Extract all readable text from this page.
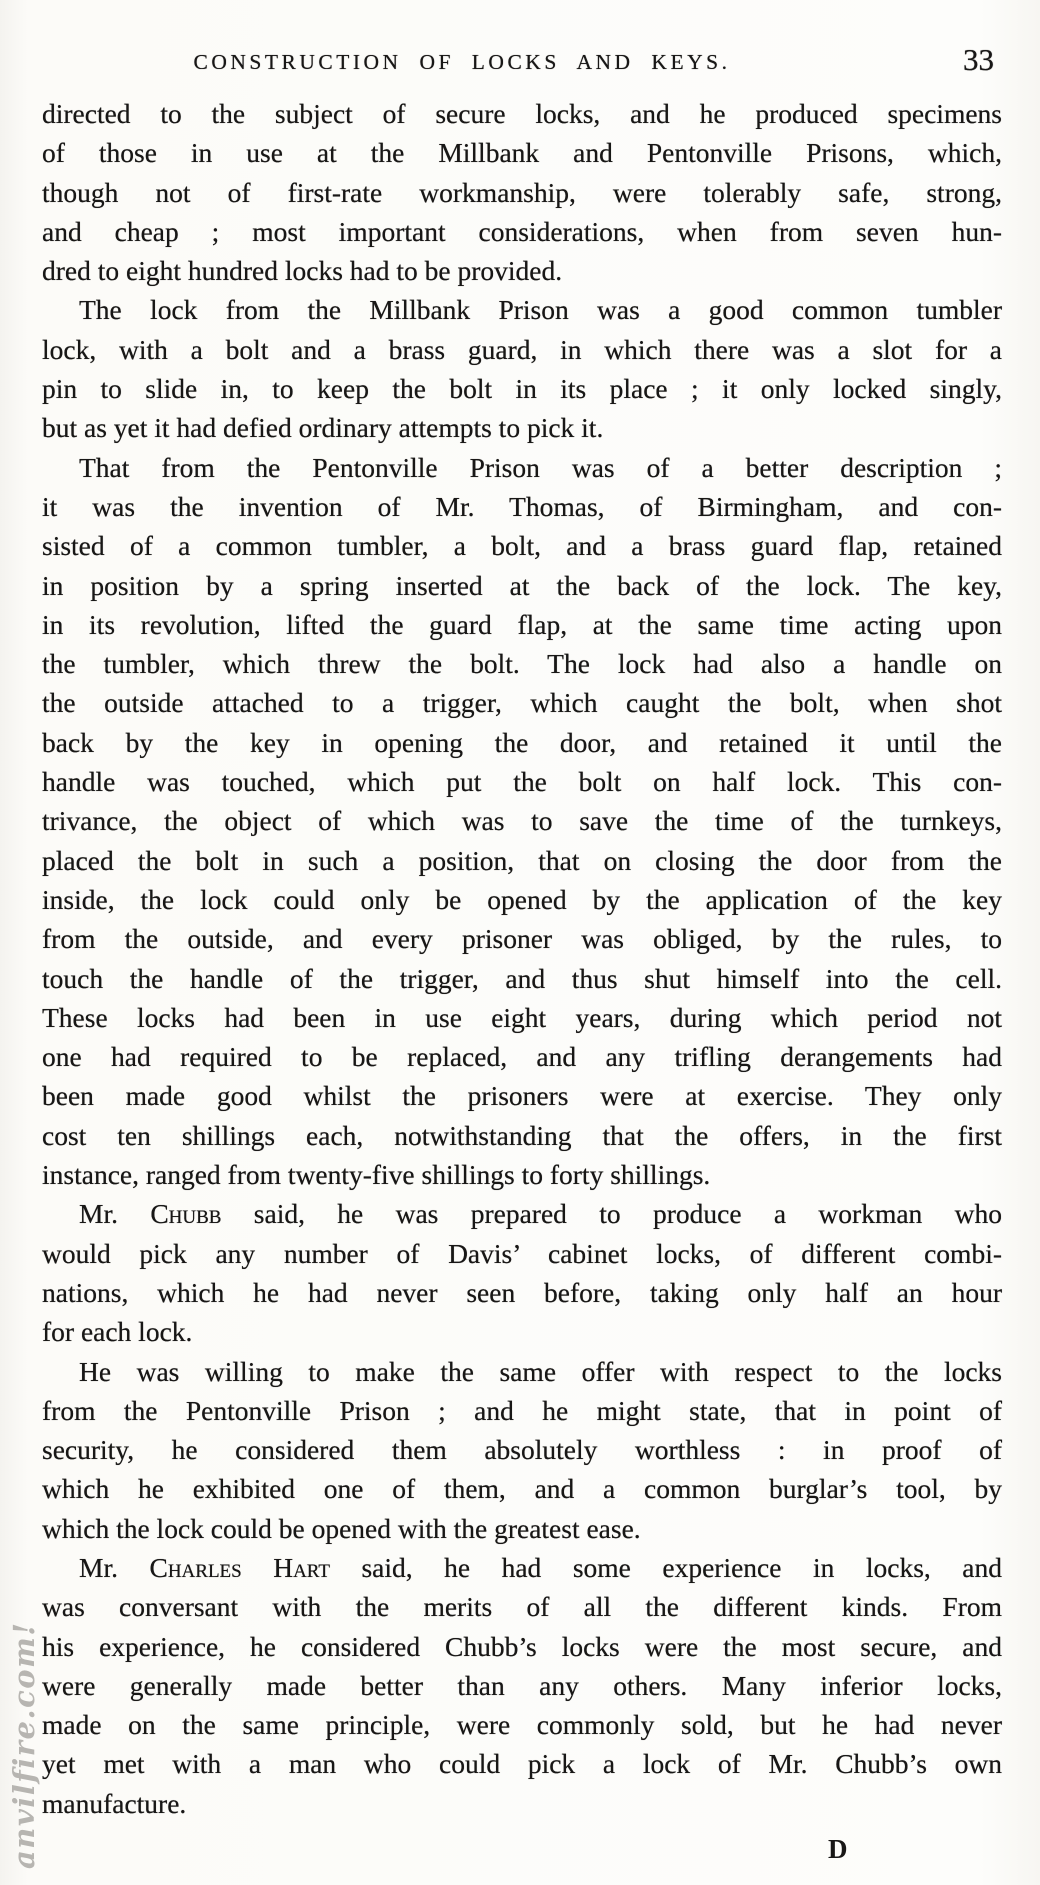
CONSTRUCTION OF LOCKS AND KEYS.	33
directed to the subject of secure locks, and he produced specimens
of those in use at the Millbank and Pentonville Prisons, which,
though not of first-rate workmanship, were tolerably safe, strong,
and cheap ; most important considerations, when from seven hun-
dred to eight hundred locks had to be provided.
The lock from the Millbank Prison was a good common tumbler
lock, with a bolt and a brass guard, in which there was a slot for a
pin to slide in, to keep the bolt in its place ; it only locked singly,
but as yet it had defied ordinary attempts to pick it.
That from the Pentonville Prison was of a better description ;
it was the invention of Mr. Thomas, of Birmingham, and con-
sisted of a common tumbler, a bolt, and a brass guard flap, retained
in position by a spring inserted at the back of the lock. The key,
in its revolution, lifted the guard flap, at the same time acting upon
the tumbler, which threw the bolt. The lock had also a handle on
the outside attached to a trigger, which caught the bolt, when shot
back by the key in opening the door, and retained it until the
handle was touched, which put the bolt on half lock. This con-
trivance, the object of which was to save the time of the turnkeys,
placed the bolt in such a position, that on closing the door from the
inside, the lock could only be opened by the application of the key
from the outside, and every prisoner was obliged, by the rules, to
touch the handle of the trigger, and thus shut himself into the cell.
These locks had been in use eight years, during which period not
one had required to be replaced, and any trifling derangements had
been made good whilst the prisoners were at exercise. They only
cost ten shillings each, notwithstanding that the offers, in the first
instance, ranged from twenty-five shillings to forty shillings.
Mr. Chubb said, he was prepared to produce a workman who
would pick any number of Davis’ cabinet locks, of different combi-
nations, which he had never seen before, taking only half an hour
for each lock.
He was willing to make the same offer with respect to the locks
from the Pentonville Prison ; and he might state, that in point of
security, he considered them absolutely worthless : in proof of
which he exhibited one of them, and a common burglar’s tool, by
which the lock could be opened with the greatest ease.
Mr. Charles Hart said, he had some experience in locks, and
was conversant with the merits of all the different kinds. From
his experience, he considered Chubb’s locks were the most secure, and
were generally made better than any others. Many inferior locks,
made on the same principle, were commonly sold, but he had never
yet met with a man who could pick a lock of Mr. Chubb’s own
manufacture.
anvilfire.com!	D
